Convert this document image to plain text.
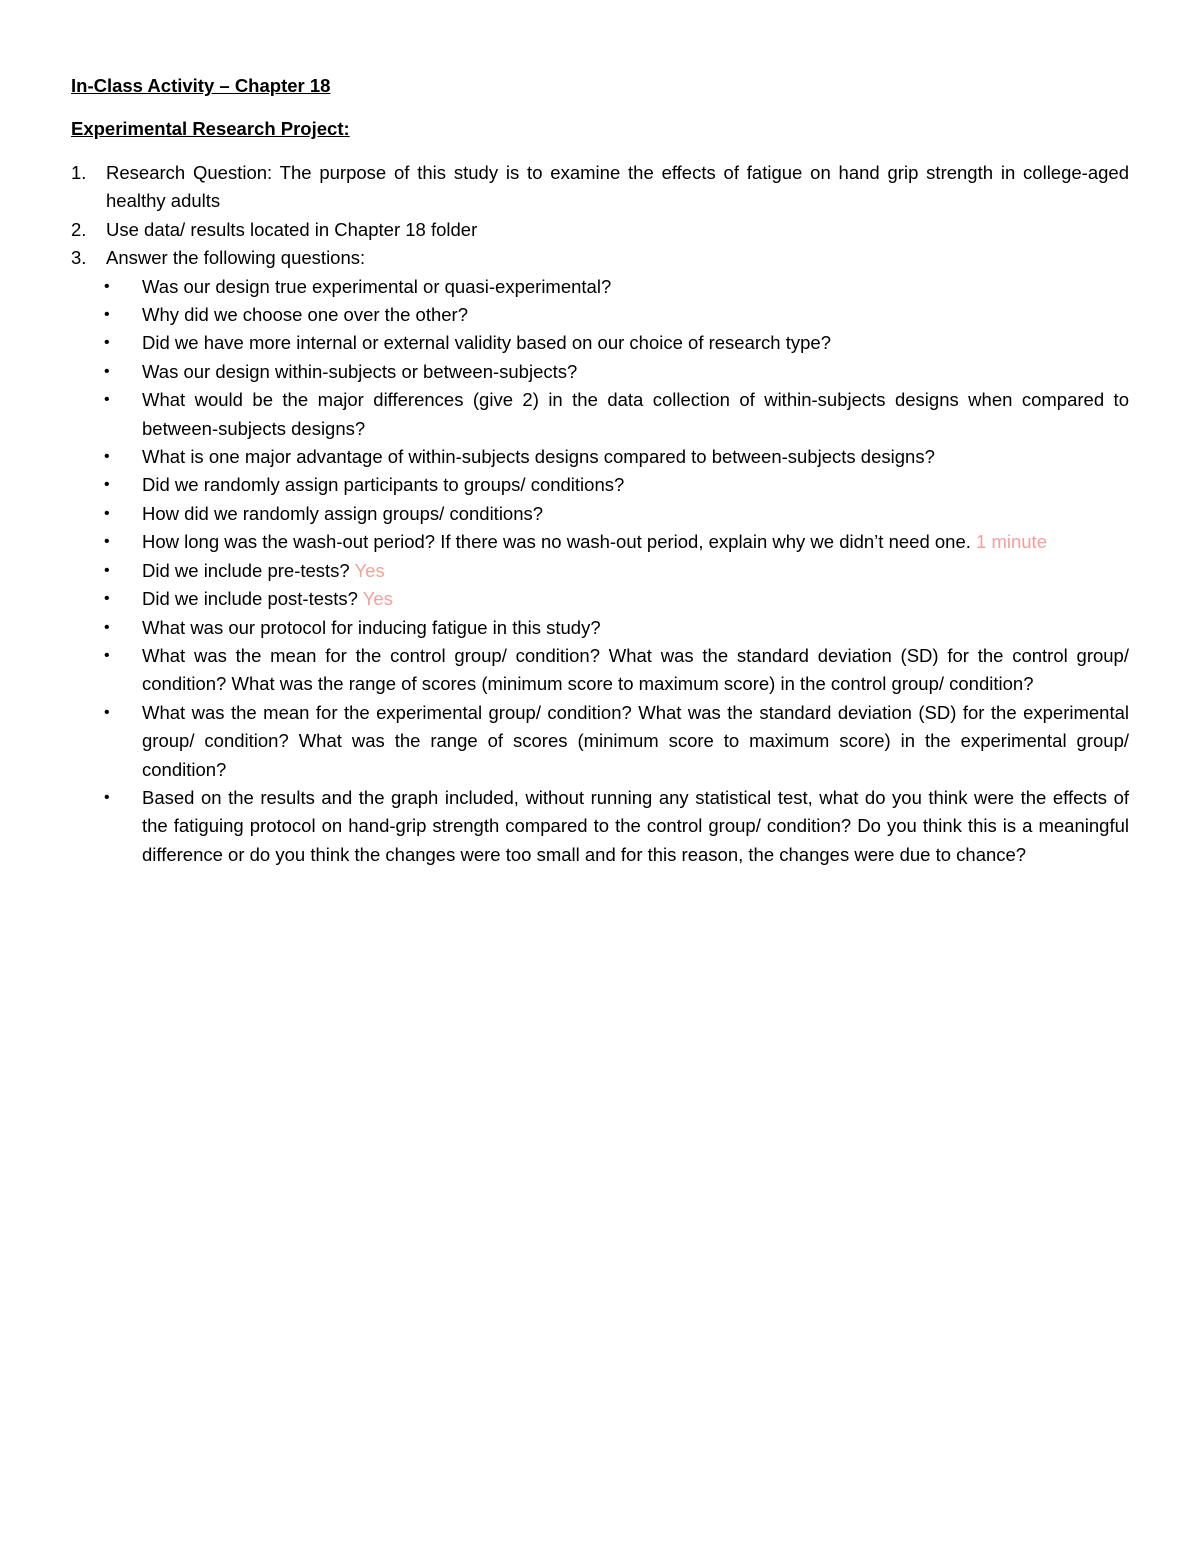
In-Class Activity – Chapter 18

Experimental Research Project:

1. Research Question: The purpose of this study is to examine the effects of fatigue on hand grip strength in college-aged healthy adults
2. Use data/ results located in Chapter 18 folder
3. Answer the following questions:
• Was our design true experimental or quasi-experimental?
• Why did we choose one over the other?
• Did we have more internal or external validity based on our choice of research type?
• Was our design within-subjects or between-subjects?
• What would be the major differences (give 2) in the data collection of within-subjects designs when compared to between-subjects designs?
• What is one major advantage of within-subjects designs compared to between-subjects designs?
• Did we randomly assign participants to groups/ conditions?
• How did we randomly assign groups/ conditions?
• How long was the wash-out period? If there was no wash-out period, explain why we didn’t need one. 1 minute
• Did we include pre-tests? Yes
• Did we include post-tests? Yes
• What was our protocol for inducing fatigue in this study?
• What was the mean for the control group/ condition? What was the standard deviation (SD) for the control group/ condition? What was the range of scores (minimum score to maximum score) in the control group/ condition?
• What was the mean for the experimental group/ condition? What was the standard deviation (SD) for the experimental group/ condition? What was the range of scores (minimum score to maximum score) in the experimental group/ condition?
• Based on the results and the graph included, without running any statistical test, what do you think were the effects of the fatiguing protocol on hand-grip strength compared to the control group/ condition? Do you think this is a meaningful difference or do you think the changes were too small and for this reason, the changes were due to chance?
